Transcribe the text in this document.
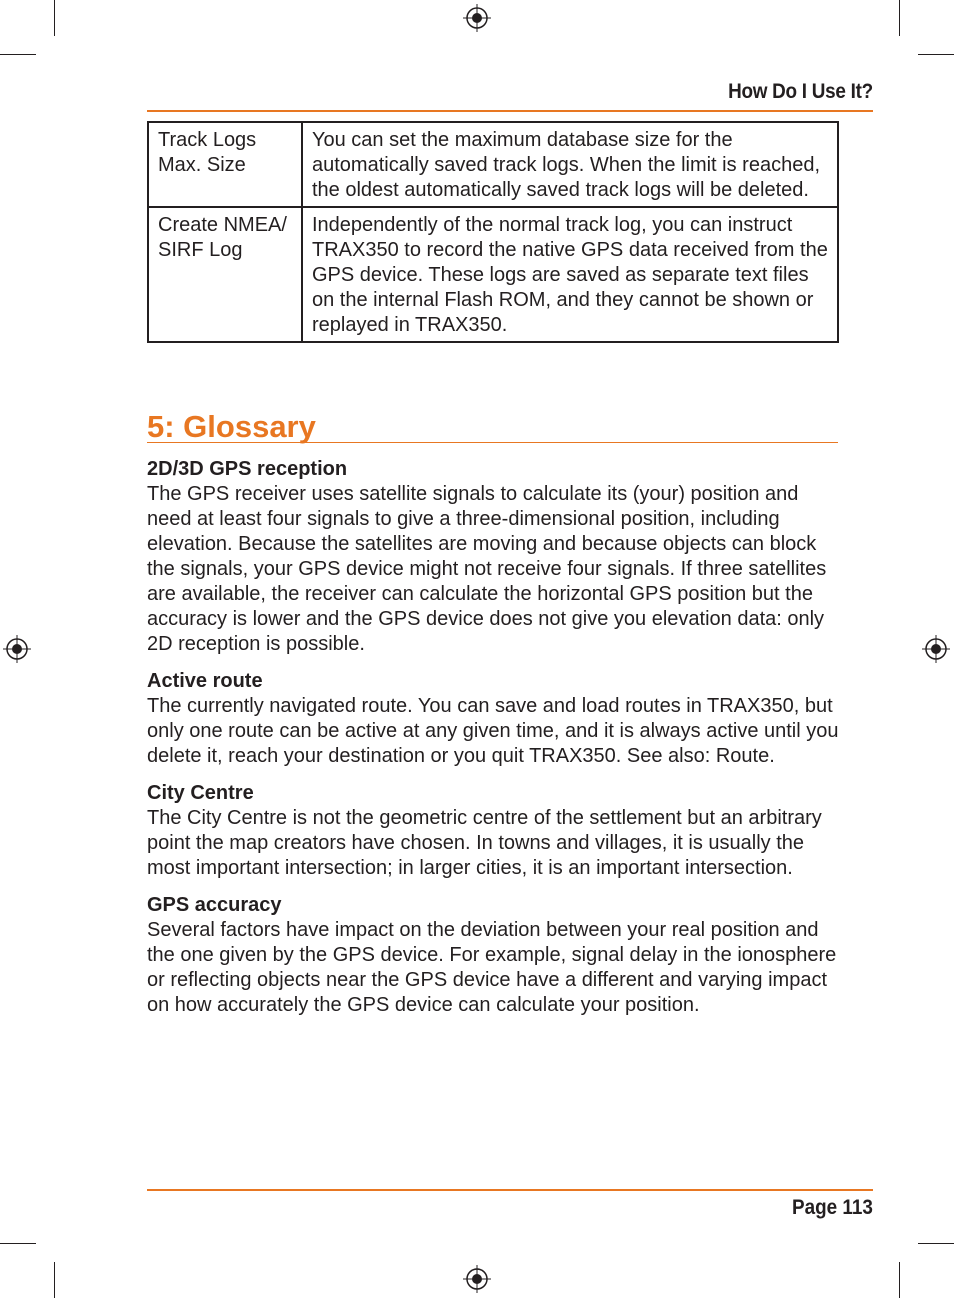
How Do I Use It?
Track Logs Max. Size	You can set the maximum database size for the automatically saved track logs. When the limit is reached, the oldest automatically saved track logs will be deleted.
Create NMEA/ SIRF Log	Independently of the normal track log, you can instruct TRAX350 to record the native GPS data received from the GPS device. These logs are saved as separate text files on the internal Flash ROM, and they cannot be shown or replayed in TRAX350.
5: Glossary
2D/3D GPS reception

The GPS receiver uses satellite signals to calculate its (your) position and need at least four signals to give a three-dimensional position, including elevation. Because the satellites are moving and because objects can block the signals, your GPS device might not receive four signals. If three satellites are available, the receiver can calculate the horizontal GPS position but the accuracy is lower and the GPS device does not give you elevation data: only 2D reception is possible.

Active route

The currently navigated route. You can save and load routes in TRAX350, but only one route can be active at any given time, and it is always active until you delete it, reach your destination or you quit TRAX350. See also: Route.

City Centre

The City Centre is not the geometric centre of the settlement but an arbitrary point the map creators have chosen. In towns and villages, it is usually the most important intersection; in larger cities, it is an important intersection.

GPS accuracy

Several factors have impact on the deviation between your real position and the one given by the GPS device. For example, signal delay in the ionosphere or reflecting objects near the GPS device have a different and varying impact on how accurately the GPS device can calculate your position.

Page 113
